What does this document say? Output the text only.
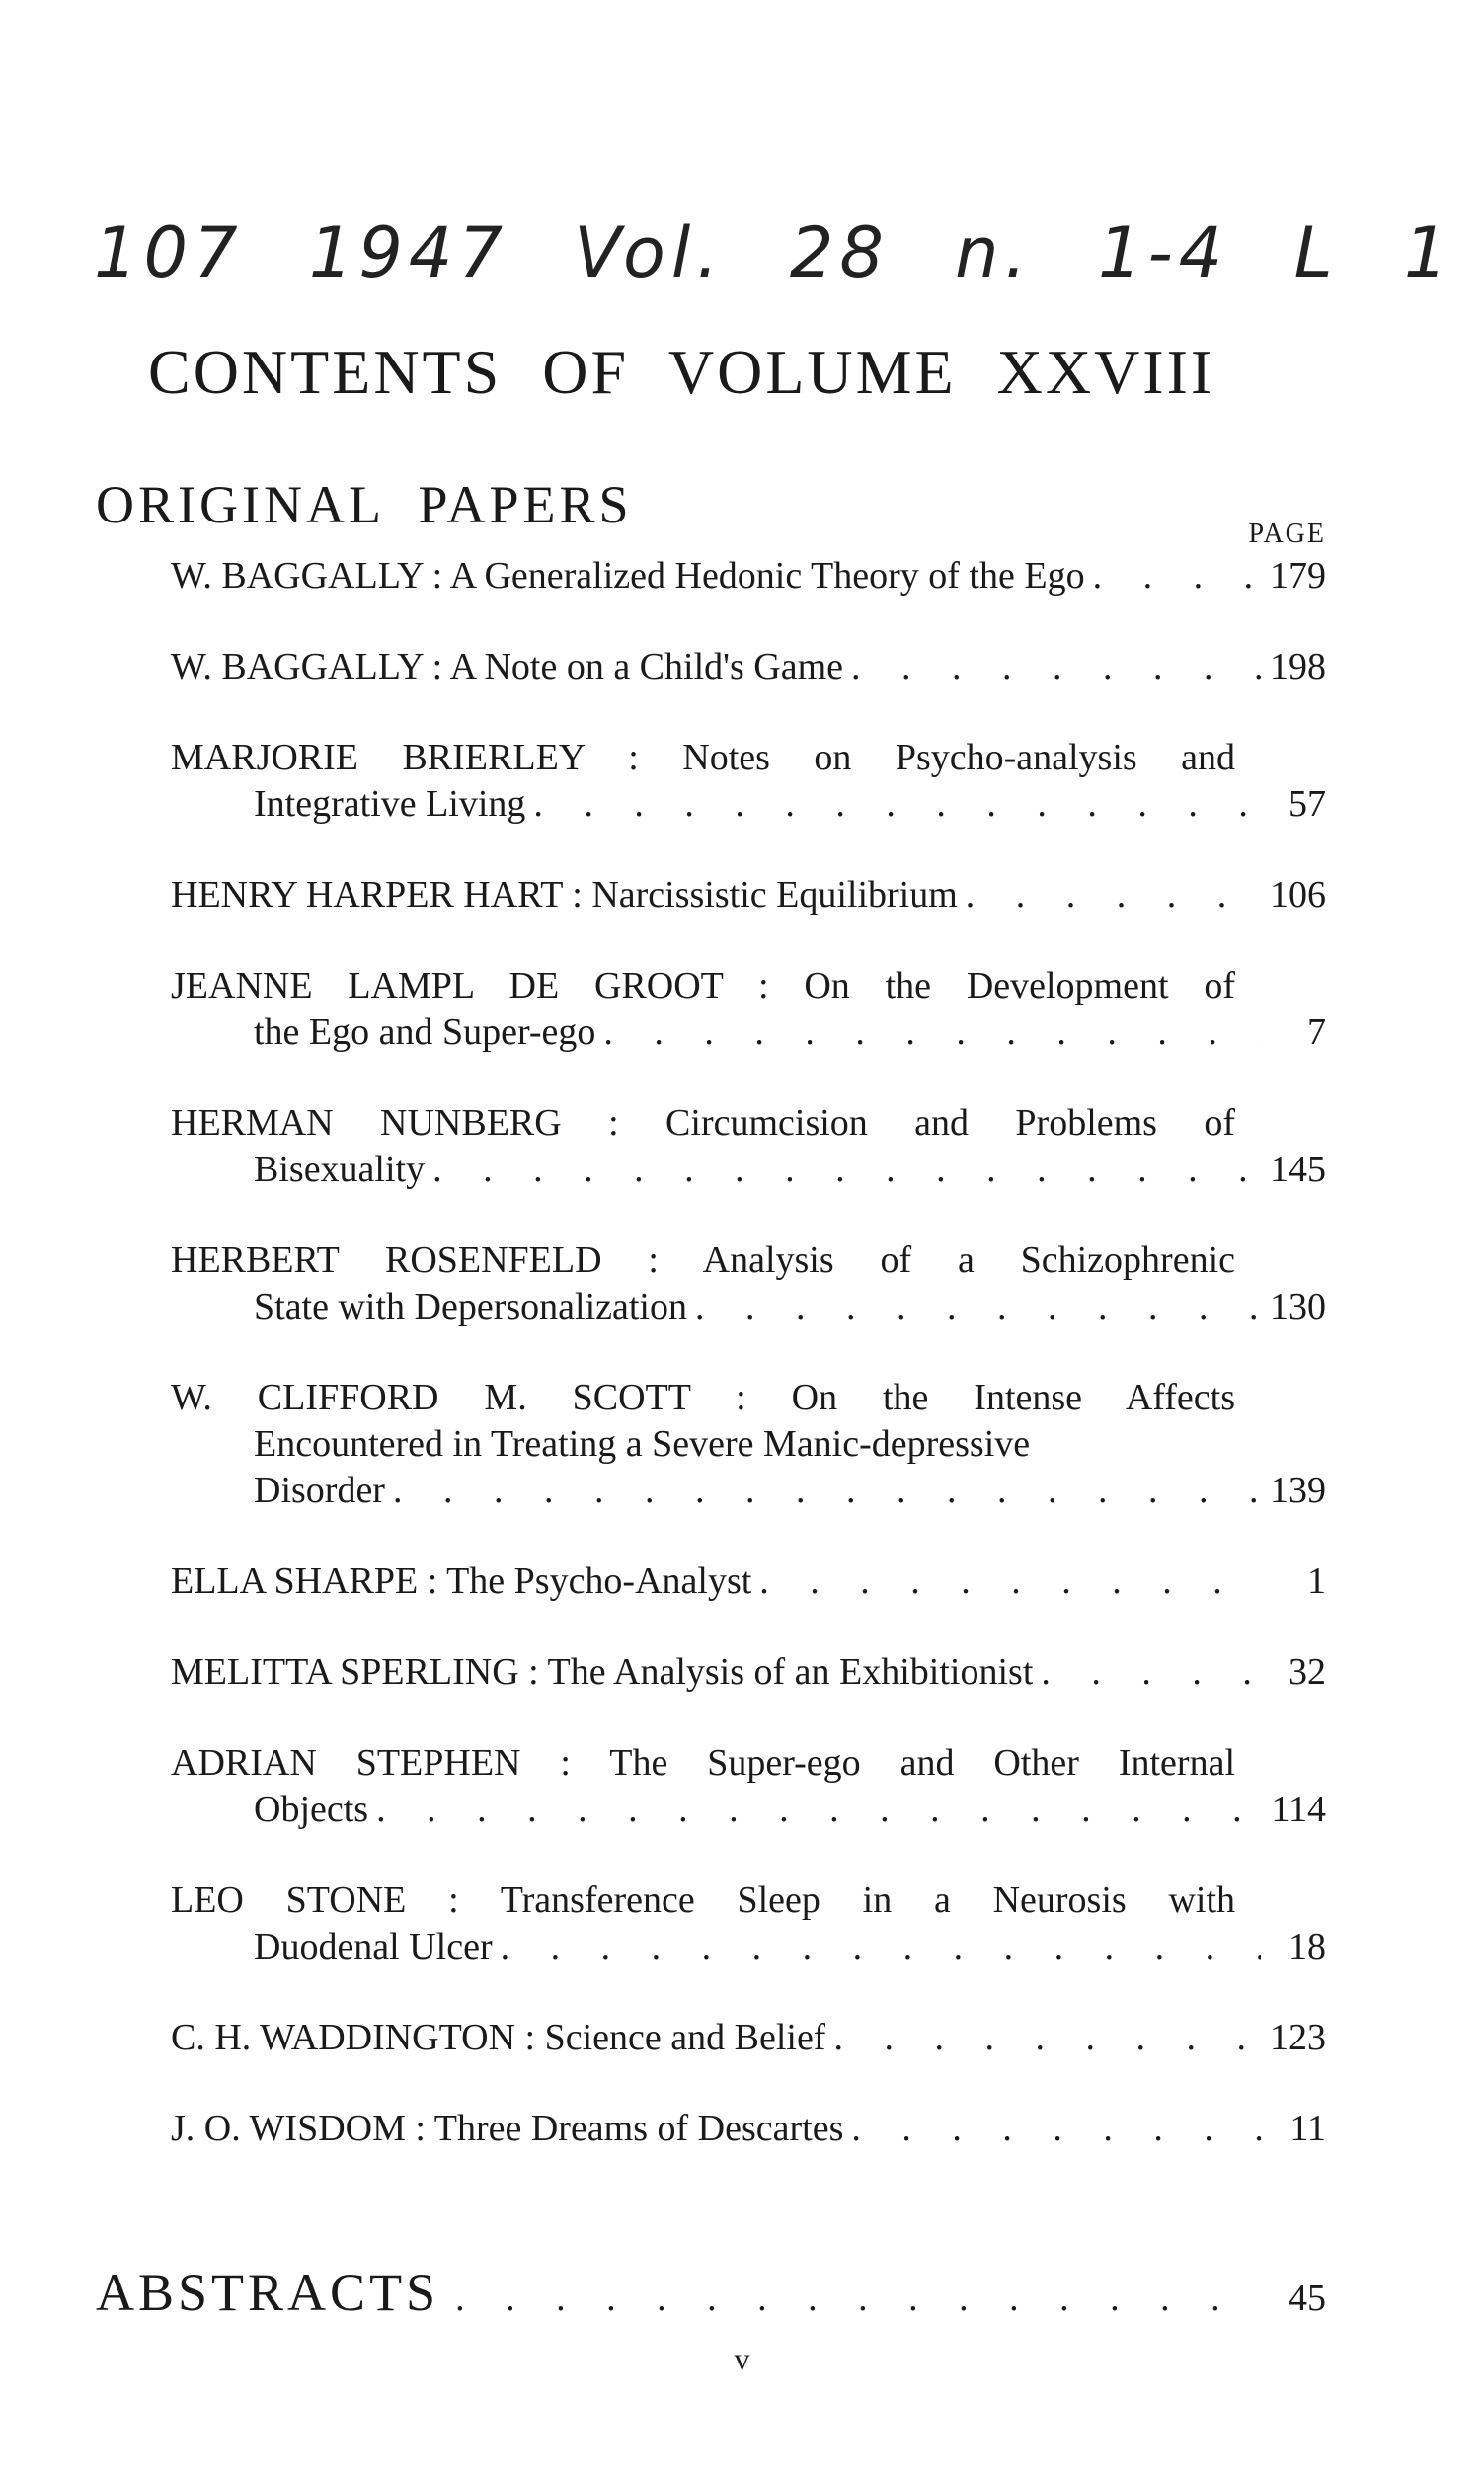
107 1947 Vol. 28 n. 1-4 L 1
CONTENTS OF VOLUME XXVIII
ORIGINAL PAPERS	PAGE
W. BAGGALLY : A Generalized Hedonic Theory of the Ego . . .	179
W. BAGGALLY : A Note on a Child's Game . . .	198
MARJORIE BRIERLEY : Notes on Psycho-analysis and
Integrative Living . . .	57
HENRY HARPER HART : Narcissistic Equilibrium . . .	106
JEANNE LAMPL DE GROOT : On the Development of
the Ego and Super-ego . . .	7
HERMAN NUNBERG : Circumcision and Problems of
Bisexuality . . .	145
HERBERT ROSENFELD : Analysis of a Schizophrenic
State with Depersonalization . . .	130
W. CLIFFORD M. SCOTT : On the Intense Affects
Encountered in Treating a Severe Manic-depressive
Disorder . . .	139
ELLA SHARPE : The Psycho-Analyst . . .	1
MELITTA SPERLING : The Analysis of an Exhibitionist . . .	32
ADRIAN STEPHEN : The Super-ego and Other Internal
Objects . . .	114
LEO STONE : Transference Sleep in a Neurosis with
Duodenal Ulcer . . .	18
C. H. WADDINGTON : Science and Belief . . .	123
J. O. WISDOM : Three Dreams of Descartes . . .	11
ABSTRACTS . . .	45
v
